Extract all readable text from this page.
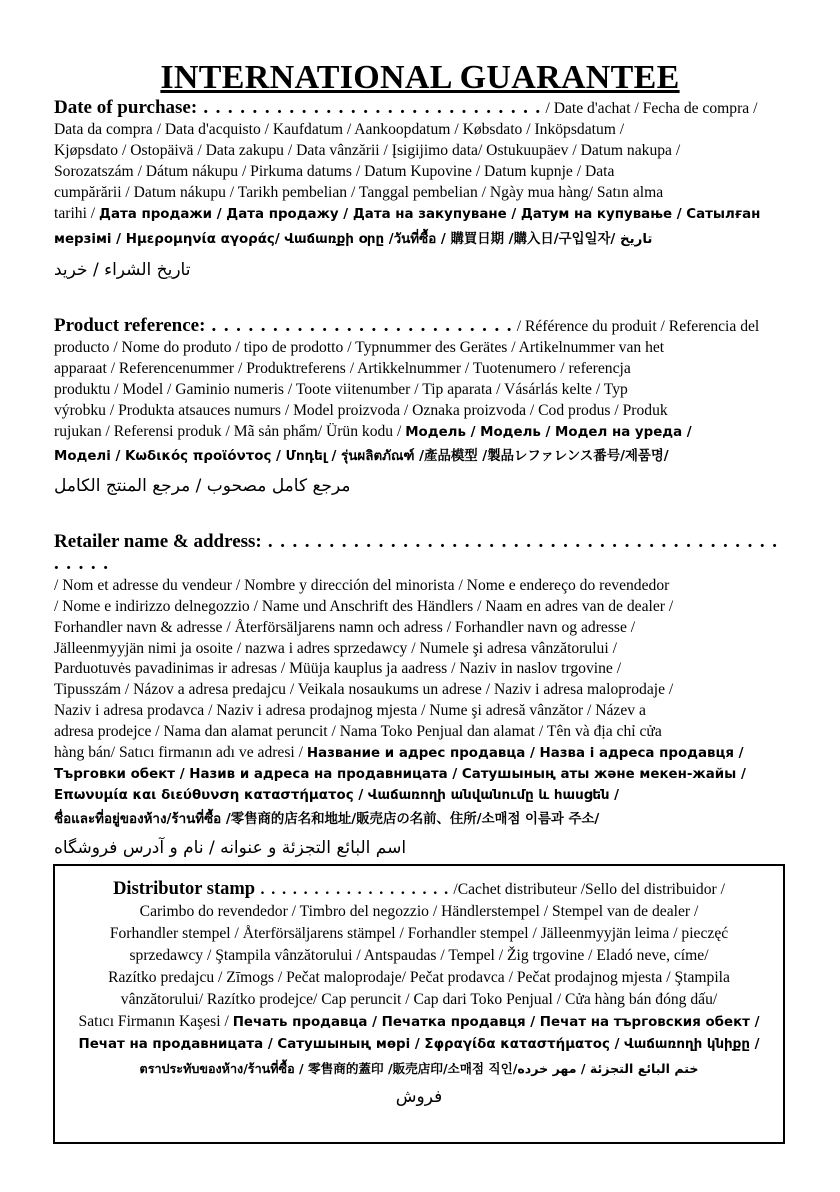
INTERNATIONAL GUARANTEE
Date of purchase: . . . . . . . . . . . . . . . . . . . . . . . . . . . . / Date d'achat / Fecha de compra /
Data da compra / Data d'acquisto / Kaufdatum / Aankoopdatum / Købsdato / Inköpsdatum /
Kjøpsdato / Ostopäivä / Data zakupu / Data vânzării / Įsigijimo data/ Ostukuupäev / Datum nakupa /
Sorozatszám / Dátum nákupu / Pirkuma datums / Datum Kupovine / Datum kupnje / Data
cumpărării / Datum nákupu / Tarikh pembelian / Tanggal pembelian / Ngày mua hàng/ Satın alma
tarihi / Дата продажи / Дата продажу / Дата на закупуване / Датум на купување / Сатылған
мерзімі / Ημερομηνία αγοράς/ Վաճառքի օրը /วันที่ซื้อ / 購買日期 /購入日/구입일자/ تاريخ
تاريخ الشراء / خريد
Product reference: . . . . . . . . . . . . . . . . . . . . . . . . . / Référence du produit / Referencia del
producto / Nome do produto / tipo de prodotto / Typnummer des Gerätes / Artikelnummer van het
apparaat / Referencenummer / Produktreferens / Artikkelnummer / Tuotenumero / referencja
produktu / Model / Gaminio numeris / Toote viitenumber / Tip aparata / Vásárlás kelte / Typ
výrobku / Produkta atsauces numurs / Model proizvoda / Oznaka proizvoda / Cod produs / Produk
rujukan / Referensi produk / Mã sản phẩm/ Ürün kodu / Модель / Модель / Модел на уреда /
Моделі / Κωδικός προϊόντος / Մոդել / รุ่นผลิตภัณฑ์ /產品模型 /製品レファレンス番号/제품명/
مرجع كامل مصحوب / مرجع المنتج الكامل
Retailer name & address: . . . . . . . . . . . . . . . . . . . . . . . . . . . . . . . . . . . . . . . . . . . . . . .
/ Nom et adresse du vendeur / Nombre y dirección del minorista / Nome e endereço do revendedor
/ Nome e indirizzo delnegozzio / Name und Anschrift des Händlers / Naam en adres van de dealer /
Forhandler navn & adresse / Återförsäljarens namn och adress / Forhandler navn og adresse /
Jälleenmyyjän nimi ja osoite / nazwa i adres sprzedawcy / Numele şi adresa vânzătorului /
Parduotuvės pavadinimas ir adresas / Müüja kauplus ja aadress / Naziv in naslov trgovine /
Tipusszám / Názov a adresa predajcu / Veikala nosaukums un adrese / Naziv i adresa maloprodaje /
Naziv i adresa prodavca / Naziv i adresa prodajnog mjesta / Nume şi adresă vânzător / Název a
adresa prodejce / Nama dan alamat peruncit / Nama Toko Penjual dan alamat / Tên và địa chỉ cửa
hàng bán/ Satıcı firmanın adı ve adresi / Название и адрес продавца / Назва і адреса продавця /
Търговки обект / Назив и адреса на продавницата / Сатушының аты және мекен-жайы /
Επωνυμία και διεύθυνση καταστήματος / Վաճառողի անվանումը և հասցեն /
ชื่อและที่อยู่ของห้าง/ร้านที่ซื้อ /零售商的店名和地址/販売店の名前、住所/소매점 이름과 주소/
اسم البائع التجزئة و عنوانه / نام و آدرس فروشگاه
Distributor stamp . . . . . . . . . . . . . . . . . . /Cachet distributeur /Sello del distribuidor /
Carimbo do revendedor / Timbro del negozzio / Händlerstempel / Stempel van de dealer /
Forhandler stempel / Återförsäljarens stämpel / Forhandler stempel / Jälleenmyyjän leima / pieczęć
sprzedawcy / Ştampila vânzătorului / Antspaudas / Tempel / Žig trgovine / Eladó neve, címe/
Razítko predajcu / Zīmogs / Pečat maloprodaje/ Pečat prodavca / Pečat prodajnog mjesta / Ştampila
vânzătorului/ Razítko prodejce/ Cap peruncit / Cap dari Toko Penjual / Cửa hàng bán đóng dấu/
Satıcı Firmanın Kaşesi / Печать продавца / Печатка продавця / Печат на търговския обект /
Печат на продавницата / Сатушының мөрі / Σφραγίδα καταστήματος / Վաճառողի կնիքը /
ตราประทับของห้าง/ร้านที่ซื้อ / 零售商的蓋印 /販売店印/소매점 직인/ختم البائع التجزئة / مهر خرده
فروش
